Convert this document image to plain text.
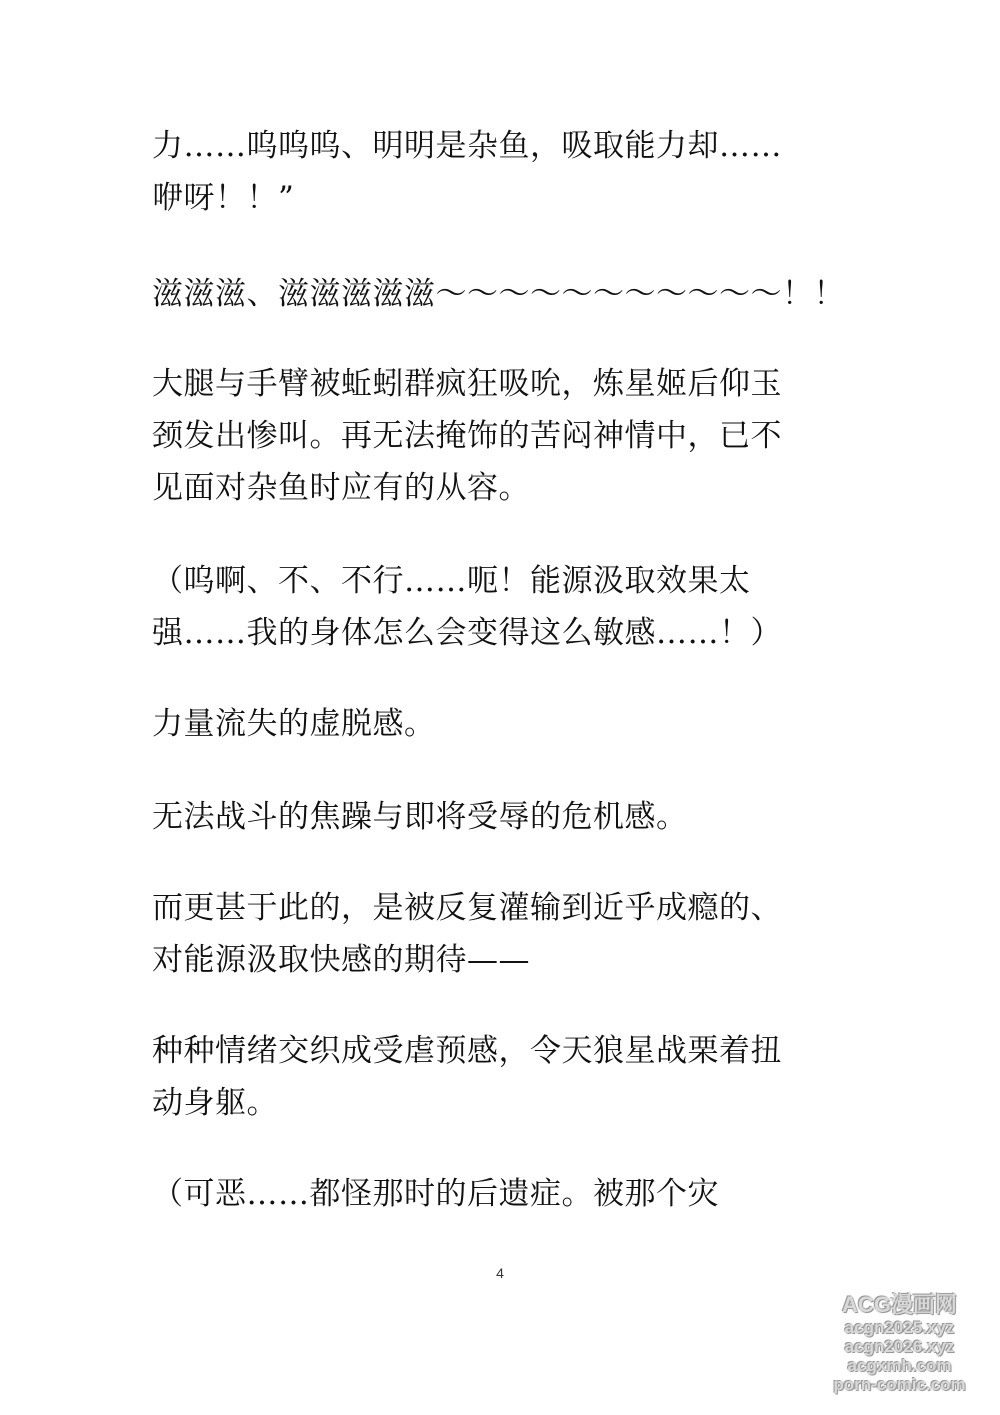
力……呜呜呜、明明是杂鱼，吸取能力却……
咿呀！！”
滋滋滋、滋滋滋滋滋～～～～～～～～～～～！！
大腿与手臂被蚯蚓群疯狂吸吮，炼星姬后仰玉
颈发出惨叫。再无法掩饰的苦闷神情中，已不
见面对杂鱼时应有的从容。
（呜啊、不、不行……呃！能源汲取效果太
强……我的身体怎么会变得这么敏感……！）
力量流失的虚脱感。
无法战斗的焦躁与即将受辱的危机感。
而更甚于此的，是被反复灌输到近乎成瘾的、
对能源汲取快感的期待——
种种情绪交织成受虐预感，令天狼星战栗着扭
动身躯。
（可恶……都怪那时的后遗症。被那个灾
4
ACG漫画网
acgn2025.xyz
acgn2026.xyz
acgxmh.com
porn-comic.com
